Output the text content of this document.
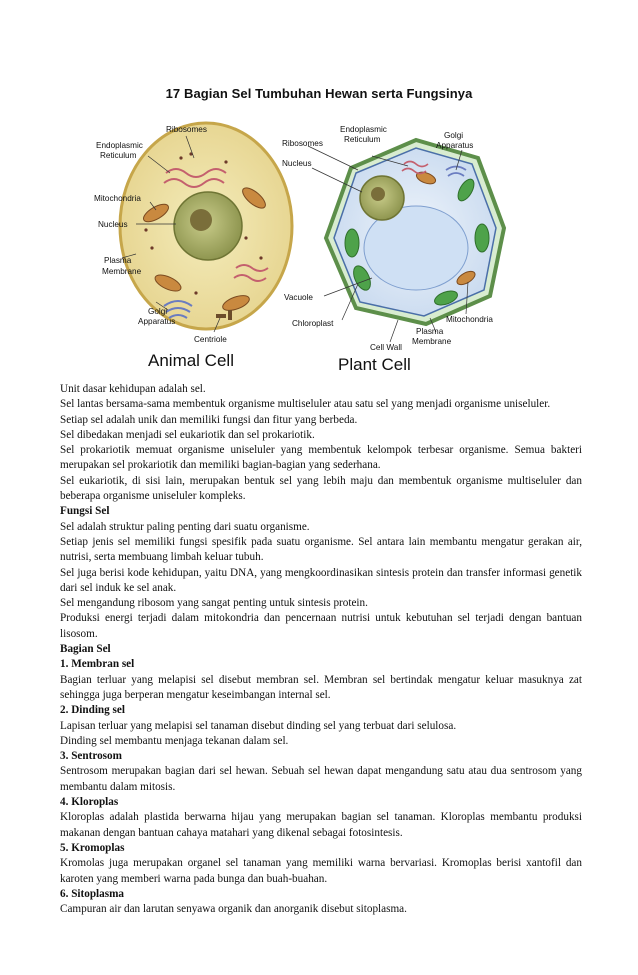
17 Bagian Sel Tumbuhan Hewan serta Fungsinya
Ribosomes
Endoplasmic
Reticulum
Mitochondria
Nucleus
Plasma
Membrane
Golgi
Apparatus
Centriole
Animal Cell
Ribosomes
Endoplasmic
Reticulum	Golgi
Apparatus
Nucleus
Vacuole
Chloroplast	Mitochondria
Plasma
Membrane
Cell Wall
Plant Cell

Unit dasar kehidupan adalah sel.

Sel lantas bersama-sama membentuk organisme multiseluler atau satu sel yang menjadi organisme uniseluler.

Setiap sel adalah unik dan memiliki fungsi dan fitur yang berbeda.

Sel dibedakan menjadi sel eukariotik dan sel prokariotik.

Sel prokariotik memuat organisme uniseluler yang membentuk kelompok terbesar organisme. Semua bakteri merupakan sel prokariotik dan memiliki bagian-bagian yang sederhana.

Sel eukariotik, di sisi lain, merupakan bentuk sel yang lebih maju dan membentuk organisme multiseluler dan beberapa organisme uniseluler kompleks.

Fungsi Sel

Sel adalah struktur paling penting dari suatu organisme.

Setiap jenis sel memiliki fungsi spesifik pada suatu organisme. Sel antara lain membantu mengatur gerakan air, nutrisi, serta membuang limbah keluar tubuh.

Sel juga berisi kode kehidupan, yaitu DNA, yang mengkoordinasikan sintesis protein dan transfer informasi genetik dari sel induk ke sel anak.

Sel mengandung ribosom yang sangat penting untuk sintesis protein.

Produksi energi terjadi dalam mitokondria dan pencernaan nutrisi untuk kebutuhan sel terjadi dengan bantuan lisosom.

Bagian Sel
1. Membran sel

Bagian terluar yang melapisi sel disebut membran sel. Membran sel bertindak mengatur keluar masuknya zat sehingga juga berperan mengatur keseimbangan internal sel.

2. Dinding sel

Lapisan terluar yang melapisi sel tanaman disebut dinding sel yang terbuat dari selulosa.

Dinding sel membantu menjaga tekanan dalam sel.

3. Sentrosom

Sentrosom merupakan bagian dari sel hewan. Sebuah sel hewan dapat mengandung satu atau dua sentrosom yang membantu dalam mitosis.

4. Kloroplas

Kloroplas adalah plastida berwarna hijau yang merupakan bagian sel tanaman. Kloroplas membantu produksi makanan dengan bantuan cahaya matahari yang dikenal sebagai fotosintesis.

5. Kromoplas

Kromolas juga merupakan organel sel tanaman yang memiliki warna bervariasi. Kromoplas berisi xantofil dan karoten yang memberi warna pada bunga dan buah-buahan.

6. Sitoplasma

Campuran air dan larutan senyawa organik dan anorganik disebut sitoplasma.
